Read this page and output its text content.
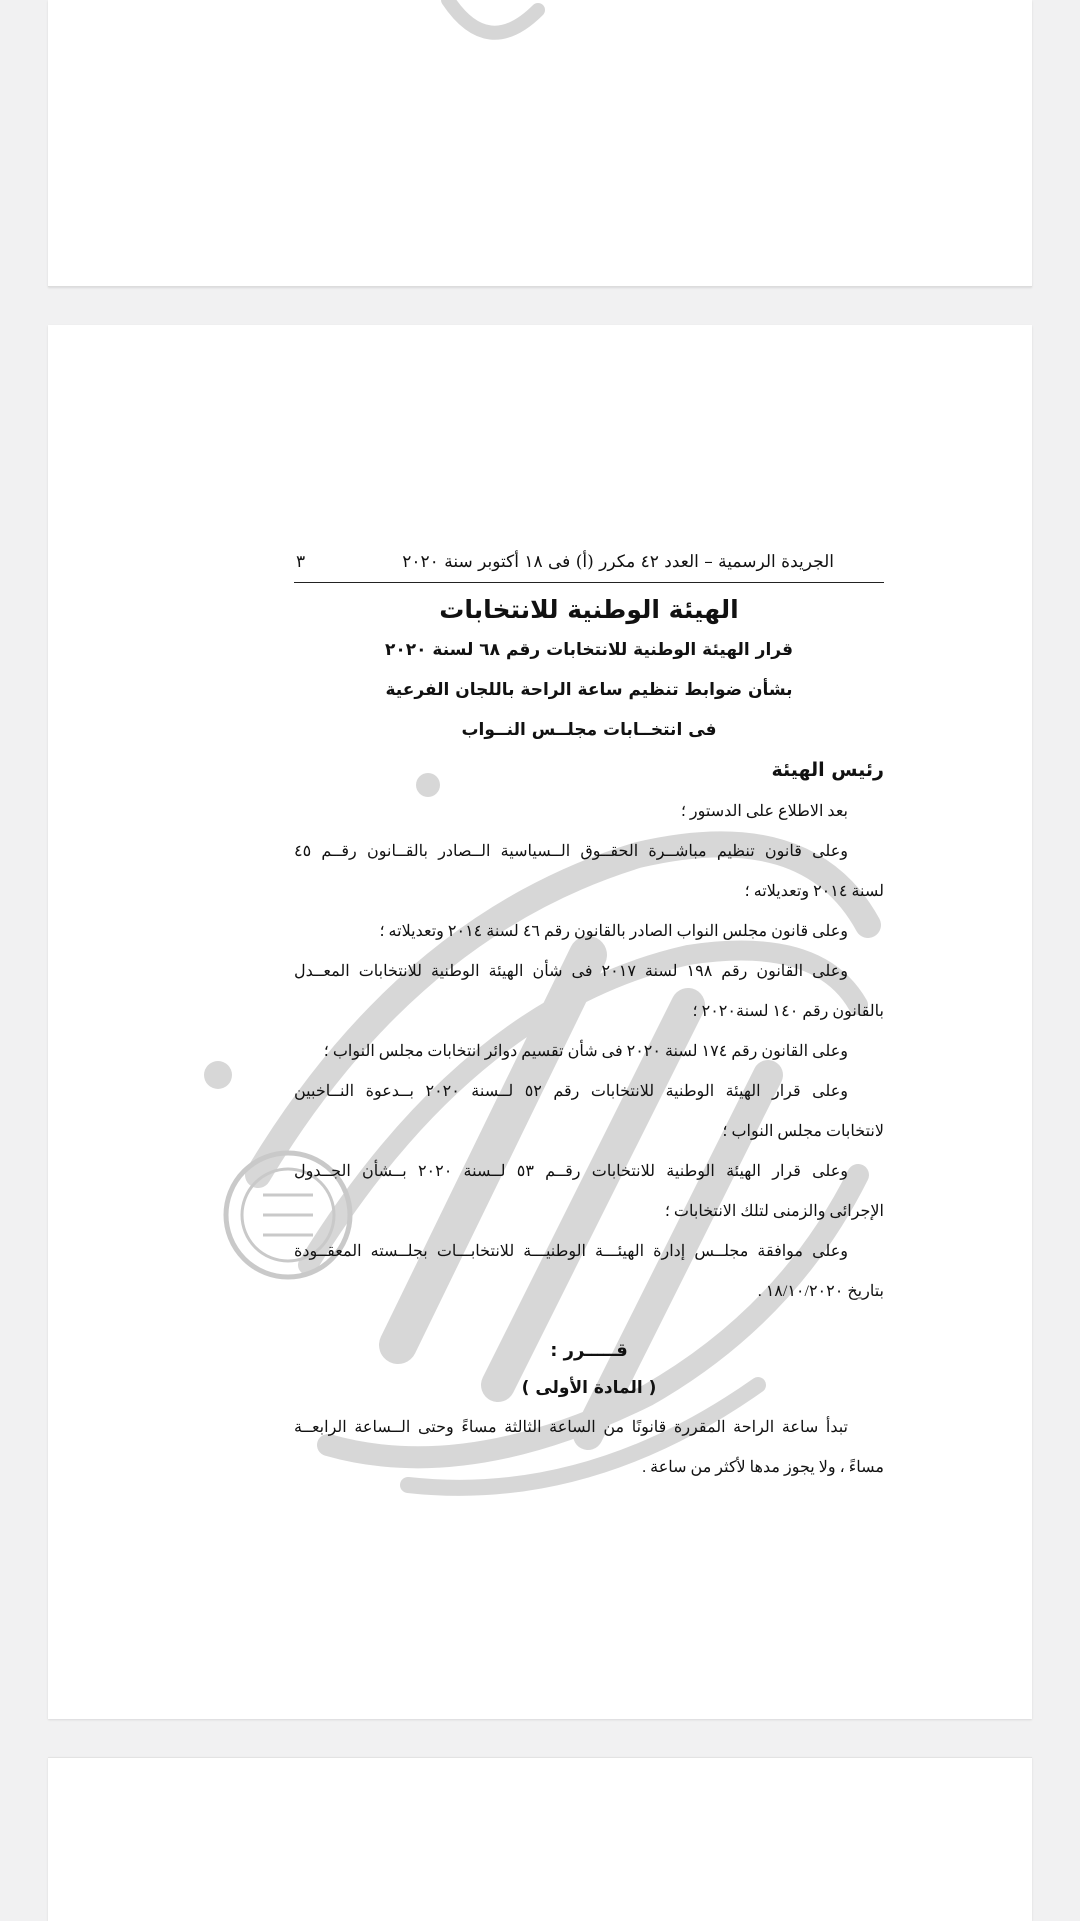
الجريدة الرسمية – العدد ٤٢ مكرر (أ) فى ١٨ أكتوبر سنة ٢٠٢٠
٣
الهيئة الوطنية للانتخابات
قرار الهيئة الوطنية للانتخابات رقم ٦٨ لسنة ٢٠٢٠
بشأن ضوابط تنظيم ساعة الراحة باللجان الفرعية
فى انتخــابات مجلــس النــواب
رئيس الهيئة
بعد الاطلاع على الدستور ؛
وعلى قانون تنظيم مباشــرة الحقــوق الــسياسية الــصادر بالقــانون رقــم ٤٥
لسنة ٢٠١٤ وتعديلاته ؛
وعلى قانون مجلس النواب الصادر بالقانون رقم ٤٦ لسنة ٢٠١٤ وتعديلاته ؛
وعلى القانون رقم ١٩٨ لسنة ٢٠١٧ فى شأن الهيئة الوطنية للانتخابات المعــدل
بالقانون رقم ١٤٠ لسنة٢٠٢٠ ؛
وعلى القانون رقم ١٧٤ لسنة ٢٠٢٠ فى شأن تقسيم دوائر انتخابات مجلس النواب ؛
وعلى قرار الهيئة الوطنية للانتخابات رقم ٥٢ لــسنة ٢٠٢٠ بــدعوة النــاخبين
لانتخابات مجلس النواب ؛
وعلى قرار الهيئة الوطنية للانتخابات رقــم ٥٣ لــسنة ٢٠٢٠ بــشأن الجــدول
الإجرائى والزمنى لتلك الانتخابات ؛
وعلى موافقة مجلــس إدارة الهيئـــة الوطنيـــة للانتخابـــات بجلــسته المعقــودة
بتاريخ ١٨/١٠/٢٠٢٠ .
قـــــرر :
( المادة الأولى )
تبدأ ساعة الراحة المقررة قانونًا من الساعة الثالثة مساءً وحتى الــساعة الرابعــة
مساءً ، ولا يجوز مدها لأكثر من ساعة .
